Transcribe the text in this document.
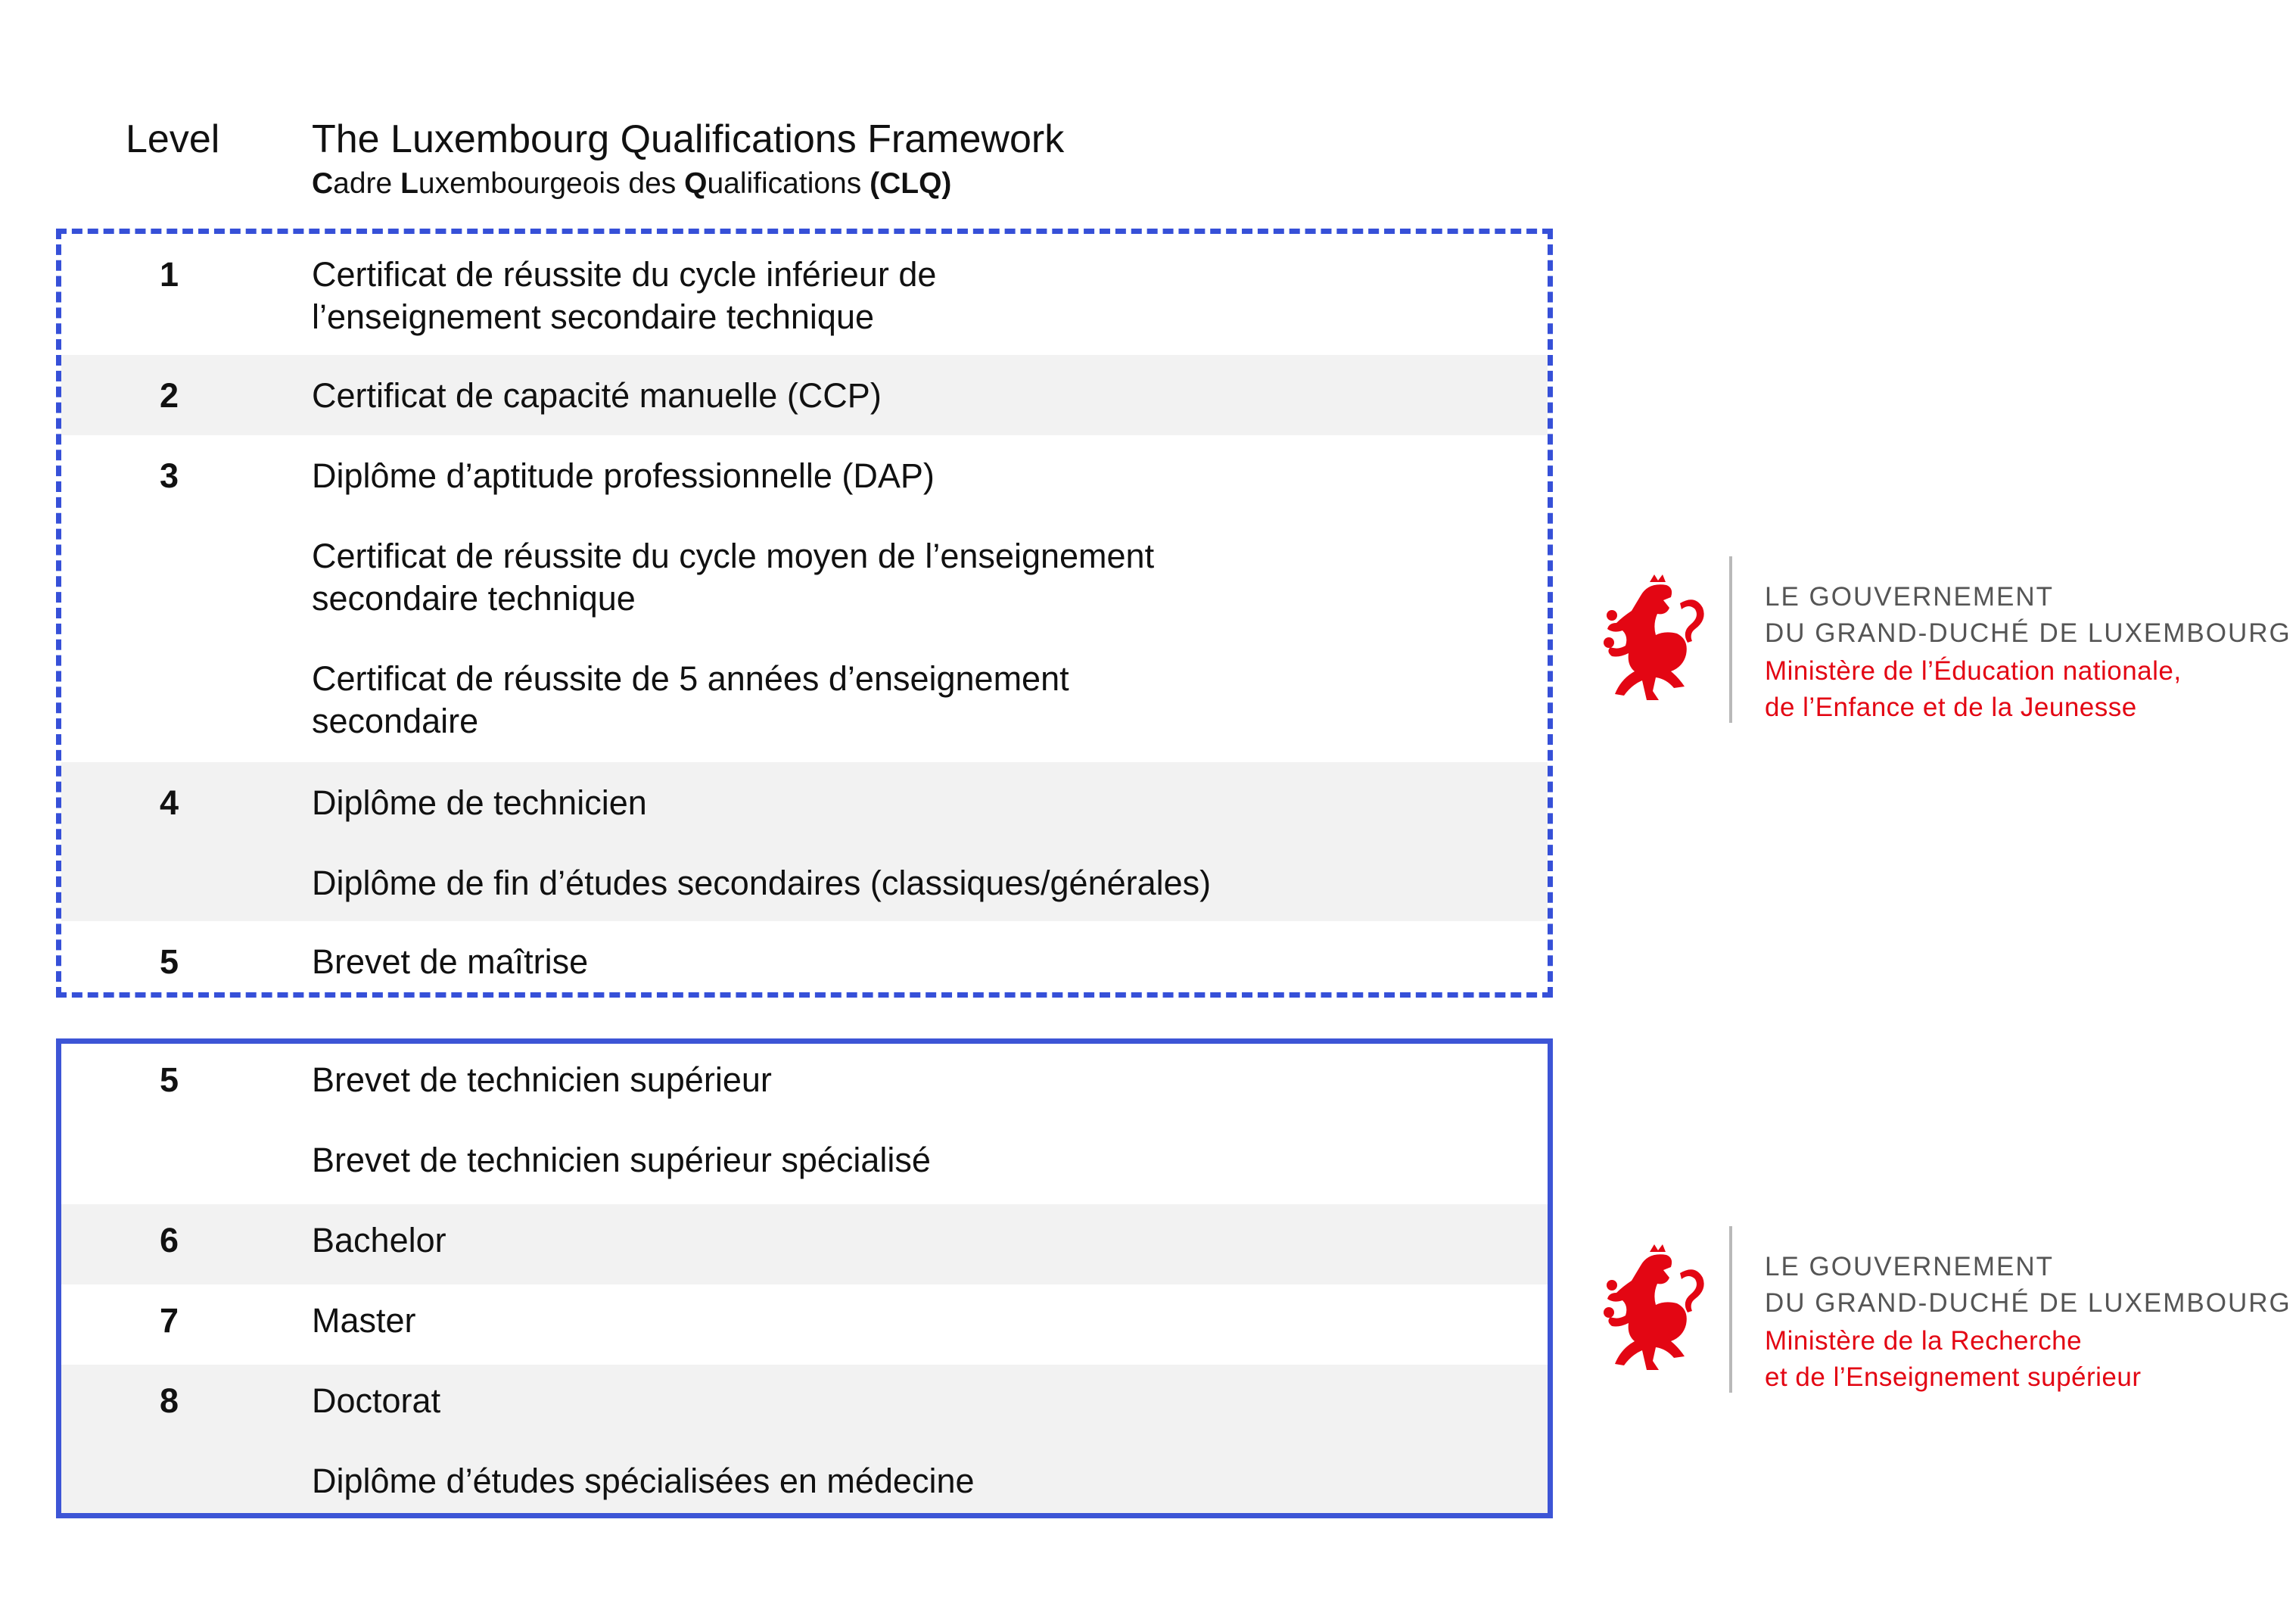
Level The Luxembourg Qualifications Framework
Cadre Luxembourgeois des Qualifications (CLQ)
1	Certificat de réussite du cycle inférieur de
l’enseignement secondaire technique
2	Certificat de capacité manuelle (CCP)
3	Diplôme d’aptitude professionnelle (DAP)
Certificat de réussite du cycle moyen de l’enseignement
secondaire technique
Certificat de réussite de 5 années d’enseignement
secondaire
4	Diplôme de technicien
Diplôme de fin d’études secondaires (classiques/générales)
5	Brevet de maîtrise
5	Brevet de technicien supérieur
Brevet de technicien supérieur spécialisé
6	Bachelor
7	Master
8	Doctorat
Diplôme d’études spécialisées en médecine
LE GOUVERNEMENT
DU GRAND-DUCHÉ DE LUXEMBOURG
Ministère de l’Éducation nationale,
de l’Enfance et de la Jeunesse
LE GOUVERNEMENT
DU GRAND-DUCHÉ DE LUXEMBOURG
Ministère de la Recherche
et de l’Enseignement supérieur
